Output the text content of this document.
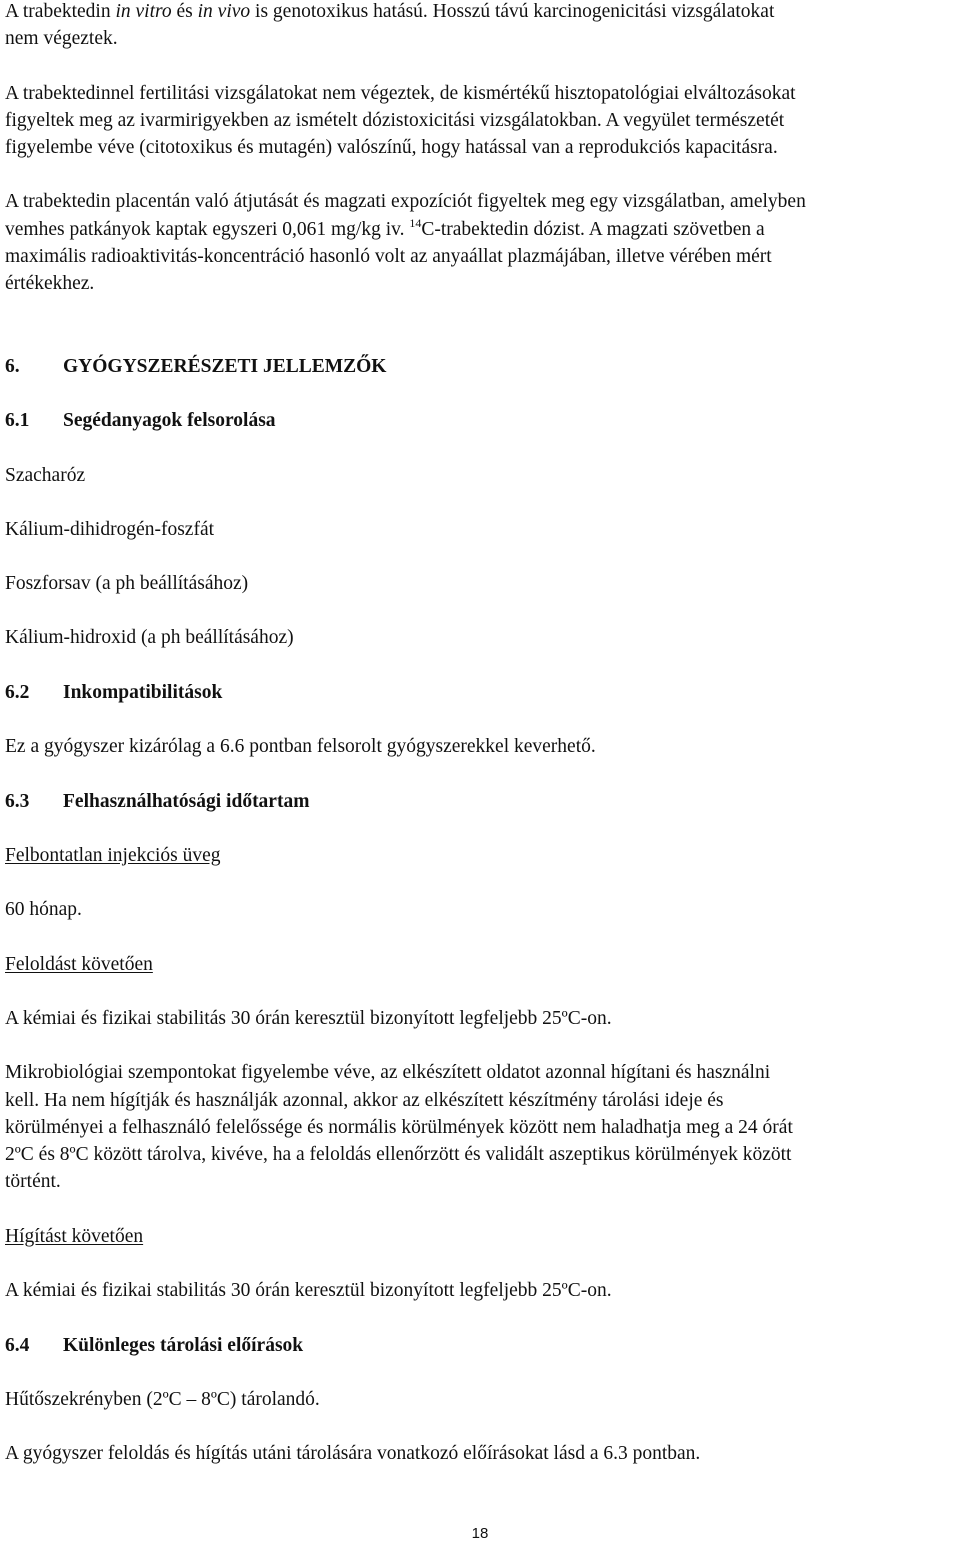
A trabektedin in vitro és in vivo is genotoxikus hatású. Hosszú távú karcinogenicitási vizsgálatokat
nem végeztek.
A trabektedinnel fertilitási vizsgálatokat nem végeztek, de kismértékű hisztopatológiai elváltozásokat
figyeltek meg az ivarmirigyekben az ismételt dózistoxicitási vizsgálatokban. A vegyület természetét
figyelembe véve (citotoxikus és mutagén) valószínű, hogy hatással van a reprodukciós kapacitásra.
A trabektedin placentán való átjutását és magzati expozíciót figyeltek meg egy vizsgálatban, amelyben
vemhes patkányok kaptak egyszeri 0,061 mg/kg iv. $^{14}$C-trabektedin dózist. A magzati szövetben a
maximális radioaktivitás-koncentráció hasonló volt az anyaállat plazmájában, illetve vérében mért
értékekhez.
6. GYÓGYSZERÉSZETI JELLEMZŐK
6.1 Segédanyagok felsorolása
Szacharóz
Kálium-dihidrogén-foszfát
Foszforsav (a ph beállításához)
Kálium-hidroxid (a ph beállításához)
6.2 Inkompatibilitások
Ez a gyógyszer kizárólag a 6.6 pontban felsorolt gyógyszerekkel keverhető.
6.3 Felhasználhatósági időtartam
Felbontatlan injekciós üveg
60 hónap.
Feloldást követően
A kémiai és fizikai stabilitás 30 órán keresztül bizonyított legfeljebb 25ºC-on.
Mikrobiológiai szempontokat figyelembe véve, az elkészített oldatot azonnal hígítani és használni
kell. Ha nem hígítják és használják azonnal, akkor az elkészített készítmény tárolási ideje és
körülményei a felhasználó felelőssége és normális körülmények között nem haladhatja meg a 24 órát
2ºC és 8ºC között tárolva, kivéve, ha a feloldás ellenőrzött és validált aszeptikus körülmények között
történt.
Hígítást követően
A kémiai és fizikai stabilitás 30 órán keresztül bizonyított legfeljebb 25ºC-on.
6.4 Különleges tárolási előírások
Hűtőszekrényben (2ºC – 8ºC) tárolandó.
A gyógyszer feloldás és hígítás utáni tárolására vonatkozó előírásokat lásd a 6.3 pontban.
18
